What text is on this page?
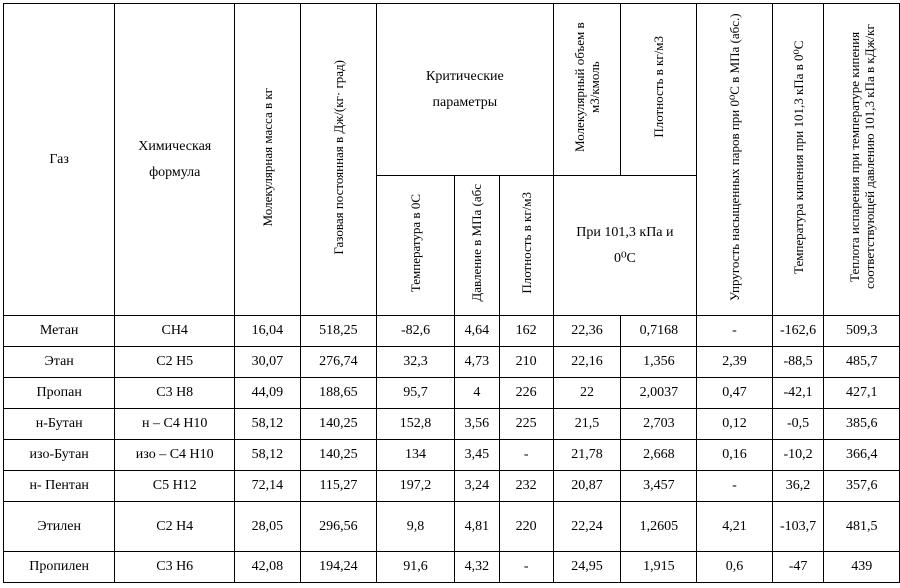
Газ	Химическая формула	Молекулярная масса в кг	Газовая постоянная в Дж/(кг· град)	Критические параметры			Молекулярный объем в м3/кмоль	Плотность в кг/м3	Упругость насыщенных паров при 0⁰С в МПа (абс.)	Температура кипения при 101,3 кПа в 0⁰С	Теплота испарения при температуре кипения соответствующей давлению 101,3 кПа в кДж/кг
				Температура в 0С	Давление в МПа (абс	Плотность в кг/м3	При 101,3 кПа и 0⁰С				
Метан	CH4	16,04	518,25	-82,6	4,64	162	22,36	0,7168	-	-162,6	509,3
Этан	C2 H5	30,07	276,74	32,3	4,73	210	22,16	1,356	2,39	-88,5	485,7
Пропан	C3 H8	44,09	188,65	95,7	4	226	22	2,0037	0,47	-42,1	427,1
н-Бутан	н – C4 H10	58,12	140,25	152,8	3,56	225	21,5	2,703	0,12	-0,5	385,6
изо-Бутан	изо – C4 H10	58,12	140,25	134	3,45	-	21,78	2,668	0,16	-10,2	366,4
н- Пентан	C5 H12	72,14	115,27	197,2	3,24	232	20,87	3,457	-	36,2	357,6
Этилен	C2 H4	28,05	296,56	9,8	4,81	220	22,24	1,2605	4,21	-103,7	481,5
Пропилен	C3 H6	42,08	194,24	91,6	4,32	-	24,95	1,915	0,6	-47	439
